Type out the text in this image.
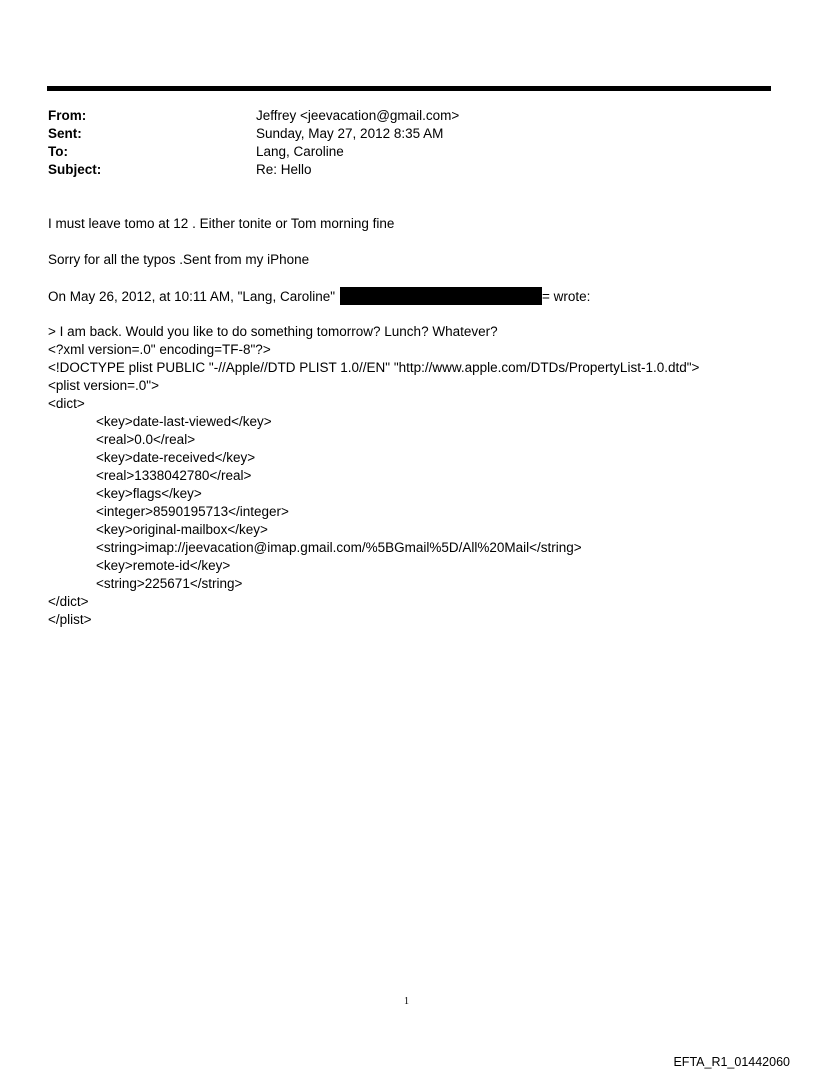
From:	Jeffrey <jeevacation@gmail.com>
Sent:	Sunday, May 27, 2012 8:35 AM
To:	Lang, Caroline
Subject:	Re: Hello
I must leave tomo at 12 . Either tonite or Tom morning fine
Sorry for all the typos .Sent from my iPhone
On May 26, 2012, at 10:11 AM, "Lang, Caroline"	= wrote:
> I am back. Would you like to do something tomorrow? Lunch? Whatever?
<?xml version=.0" encoding=TF-8"?>
<!DOCTYPE plist PUBLIC "-//Apple//DTD PLIST 1.0//EN" "http://www.apple.com/DTDs/PropertyList-1.0.dtd">
<plist version=.0">
<dict>
<key>date-last-viewed</key>
<real>0.0</real>
<key>date-received</key>
<real>1338042780</real>
<key>flags</key>
<integer>8590195713</integer>
<key>original-mailbox</key>
<string>imap://jeevacation@imap.gmail.com/%5BGmail%5D/All%20Mail</string>
<key>remote-id</key>
<string>225671</string>
</dict>
</plist>
1
EFTA_R1_01442060
